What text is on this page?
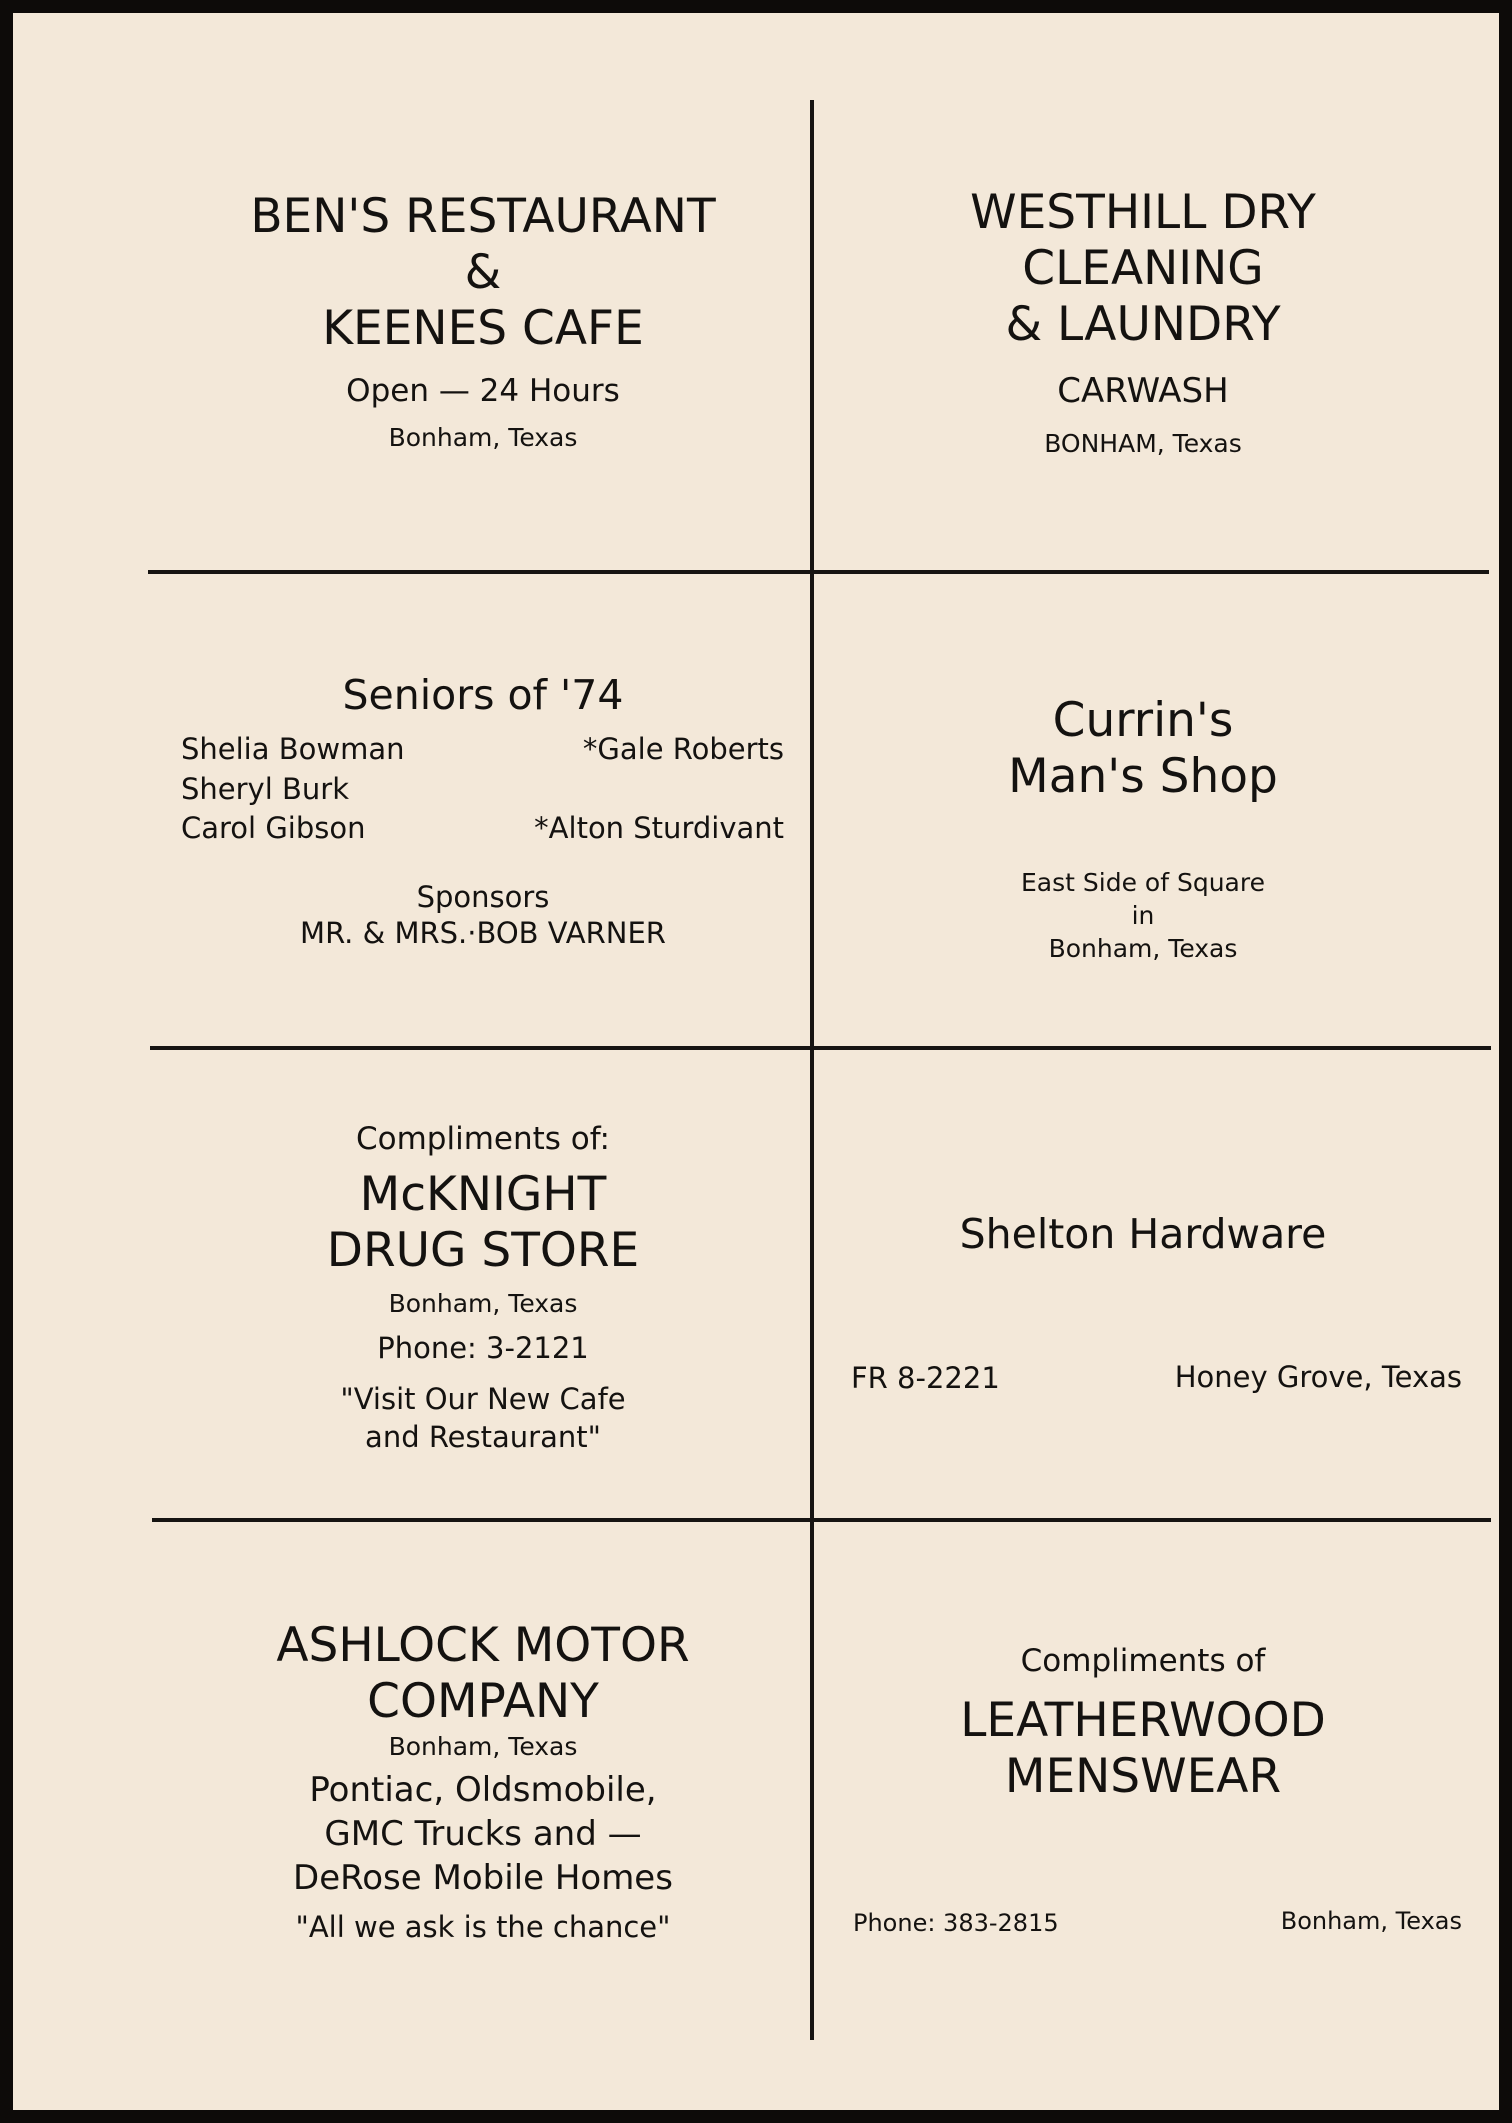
BEN'S RESTAURANT
&
KEENES CAFE
Open — 24 Hours
Bonham, Texas
WESTHILL DRY
CLEANING
& LAUNDRY
CARWASH
BONHAM, Texas
Seniors of '74
Shelia Bowman
Sheryl Burk
Carol Gibson
*Gale Roberts
*Alton Sturdivant
Sponsors
MR. & MRS.·BOB VARNER
Currin's
Man's Shop
East Side of Square
in
Bonham, Texas
Compliments of:
McKNIGHT
DRUG STORE
Bonham, Texas
Phone: 3-2121
"Visit Our New Cafe
and Restaurant"
Shelton Hardware
FR 8-2221	Honey Grove, Texas
ASHLOCK MOTOR
COMPANY
Bonham, Texas
Pontiac, Oldsmobile,
GMC Trucks and —
DeRose Mobile Homes
"All we ask is the chance"
Compliments of
LEATHERWOOD
MENSWEAR
Phone: 383-2815	Bonham, Texas
